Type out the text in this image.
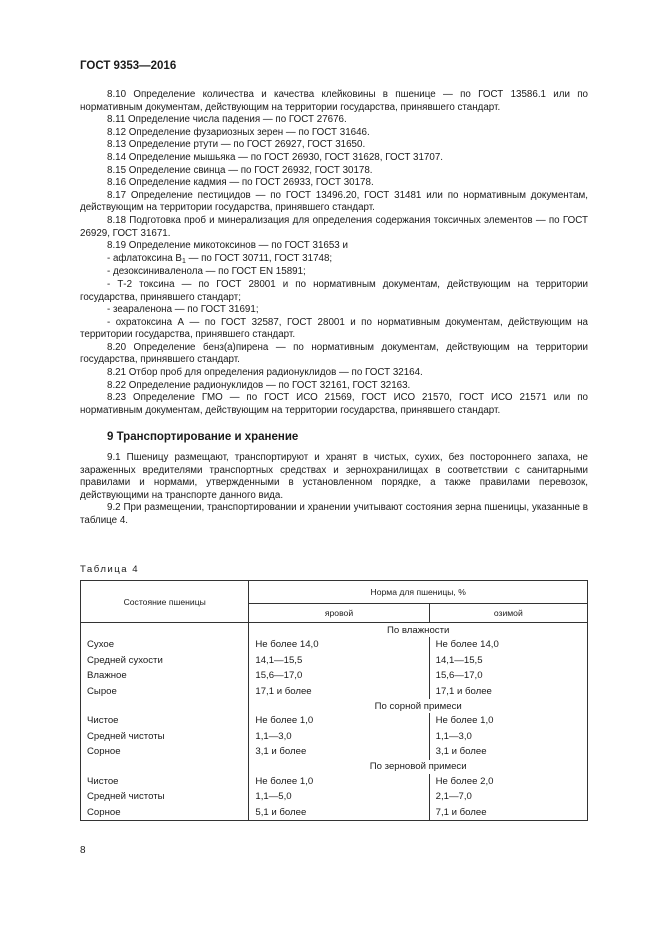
ГОСТ 9353—2016

8.10 Определение количества и качества клейковины в пшенице — по ГОСТ 13586.1 или по нормативным документам, действующим на территории государства, принявшего стандарт.

8.11 Определение числа падения — по ГОСТ 27676.

8.12 Определение фузариозных зерен — по ГОСТ 31646.

8.13 Определение ртути — по ГОСТ 26927, ГОСТ 31650.

8.14 Определение мышьяка — по ГОСТ 26930, ГОСТ 31628, ГОСТ 31707.

8.15 Определение свинца — по ГОСТ 26932, ГОСТ 30178.

8.16 Определение кадмия — по ГОСТ 26933, ГОСТ 30178.

8.17 Определение пестицидов — по ГОСТ 13496.20, ГОСТ 31481 или по нормативным документам, действующим на территории государства, принявшего стандарт.

8.18 Подготовка проб и минерализация для определения содержания токсичных элементов — по ГОСТ 26929, ГОСТ 31671.

8.19 Определение микотоксинов — по ГОСТ 31653 и

- афлатоксина $В_1$ — по ГОСТ 30711, ГОСТ 31748;

- дезоксиниваленола — по ГОСТ EN 15891;

- Т-2 токсина — по ГОСТ 28001 и по нормативным документам, действующим на территории государства, принявшего стандарт;

- зеараленона — по ГОСТ 31691;

- охратоксина А — по ГОСТ 32587, ГОСТ 28001 и по нормативным документам, действующим на территории государства, принявшего стандарт.

8.20 Определение бенз(а)пирена — по нормативным документам, действующим на территории государства, принявшего стандарт.

8.21 Отбор проб для определения радионуклидов — по ГОСТ 32164.

8.22 Определение радионуклидов — по ГОСТ 32161, ГОСТ 32163.

8.23 Определение ГМО — по ГОСТ ИСО 21569, ГОСТ ИСО 21570, ГОСТ ИСО 21571 или по нормативным документам, действующим на территории государства, принявшего стандарт.

9 Транспортирование и хранение

9.1 Пшеницу размещают, транспортируют и хранят в чистых, сухих, без постороннего запаха, не зараженных вредителями транспортных средствах и зернохранилищах в соответствии с санитарными правилами и нормами, утвержденными в установленном порядке, а также правилами перевозок, действующими на транспорте данного вида.

9.2 При размещении, транспортировании и хранении учитывают состояния зерна пшеницы, указанные в таблице 4.

Таблица 4
Состояние пшеницы	Норма для пшеницы, %	
	яровой	озимой
	По влажности	
Сухое	Не более 14,0	Не более 14,0
Средней сухости	14,1—15,5	14,1—15,5
Влажное	15,6—17,0	15,6—17,0
Сырое	17,1 и более	17,1 и более
	По сорной примеси	
Чистое	Не более 1,0	Не более 1,0
Средней чистоты	1,1—3,0	1,1—3,0
Сорное	3,1 и более	3,1 и более
	По зерновой примеси	
Чистое	Не более 1,0	Не более 2,0
Средней чистоты	1,1—5,0	2,1—7,0
Сорное	5,1 и более	7,1 и более
8
